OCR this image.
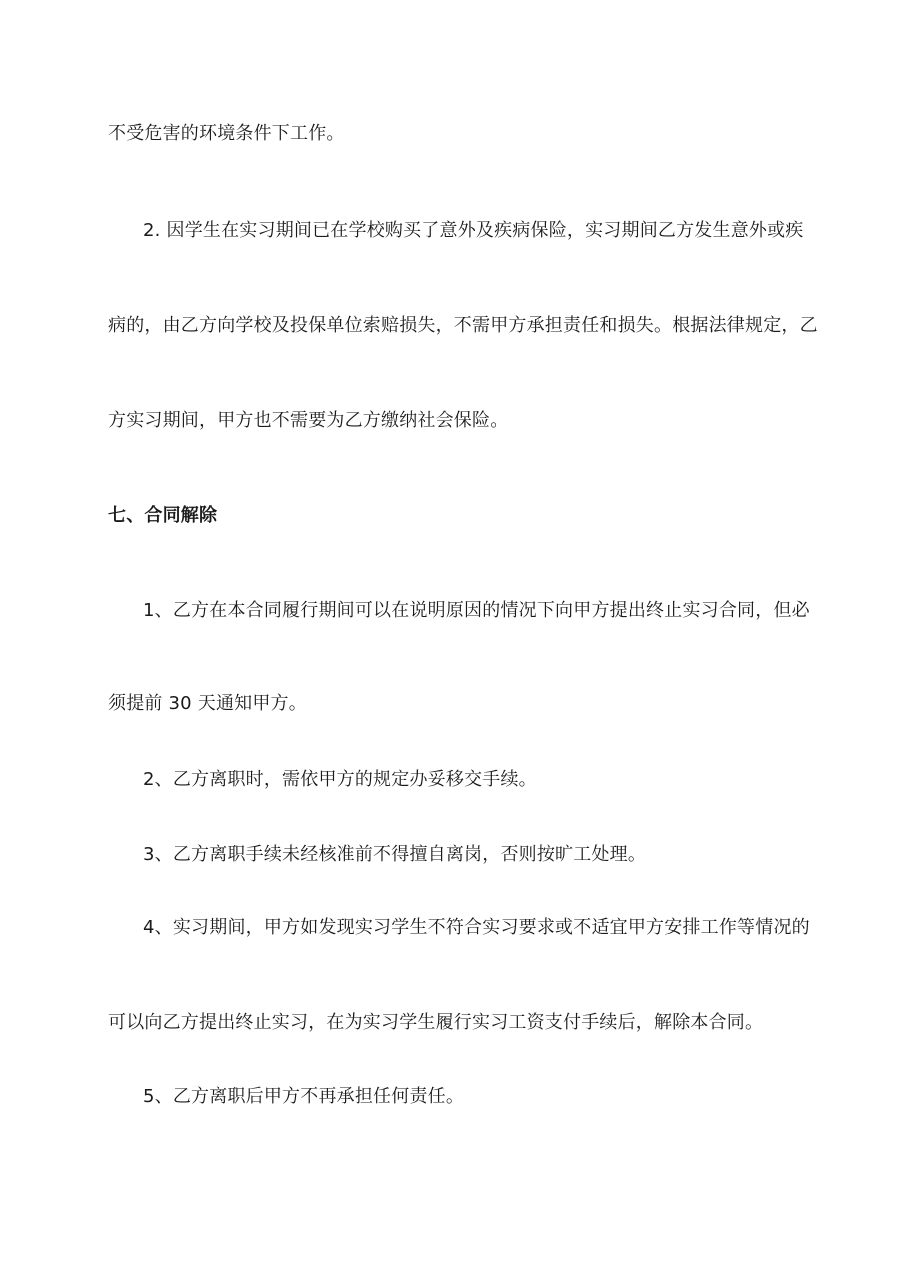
不受危害的环境条件下工作。
2. 因学生在实习期间已在学校购买了意外及疾病保险，实习期间乙方发生意外或疾
病的，由乙方向学校及投保单位索赔损失，不需甲方承担责任和损失。根据法律规定，乙
方实习期间，甲方也不需要为乙方缴纳社会保险。
七、合同解除
1、乙方在本合同履行期间可以在说明原因的情况下向甲方提出终止实习合同，但必
须提前 30 天通知甲方。
2、乙方离职时，需依甲方的规定办妥移交手续。
3、乙方离职手续未经核准前不得擅自离岗，否则按旷工处理。
4、实习期间，甲方如发现实习学生不符合实习要求或不适宜甲方安排工作等情况的
可以向乙方提出终止实习，在为实习学生履行实习工资支付手续后，解除本合同。
5、乙方离职后甲方不再承担任何责任。
